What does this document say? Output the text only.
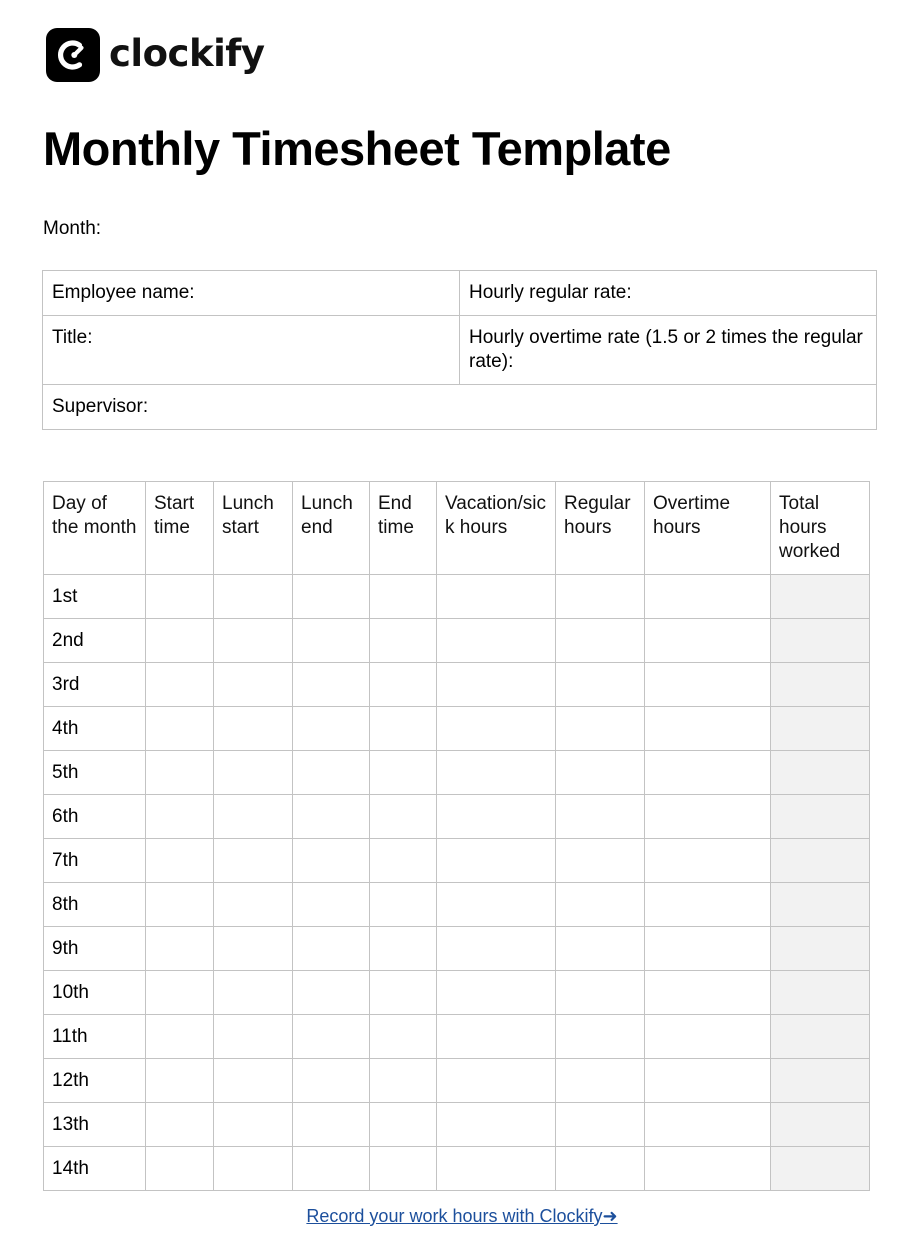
clockify
Monthly Timesheet Template
Month:
Employee name:	Hourly regular rate:
Title:	Hourly overtime rate (1.5 or 2 times the regular rate):
Supervisor:	
Day of the month	Start time	Lunch start	Lunch end	End time	Vacation/sick hours	Regular hours	Overtime hours	Total hours worked
1st								
2nd								
3rd								
4th								
5th								
6th								
7th								
8th								
9th								
10th								
11th								
12th								
13th								
14th								
Record your work hours with Clockify➜
